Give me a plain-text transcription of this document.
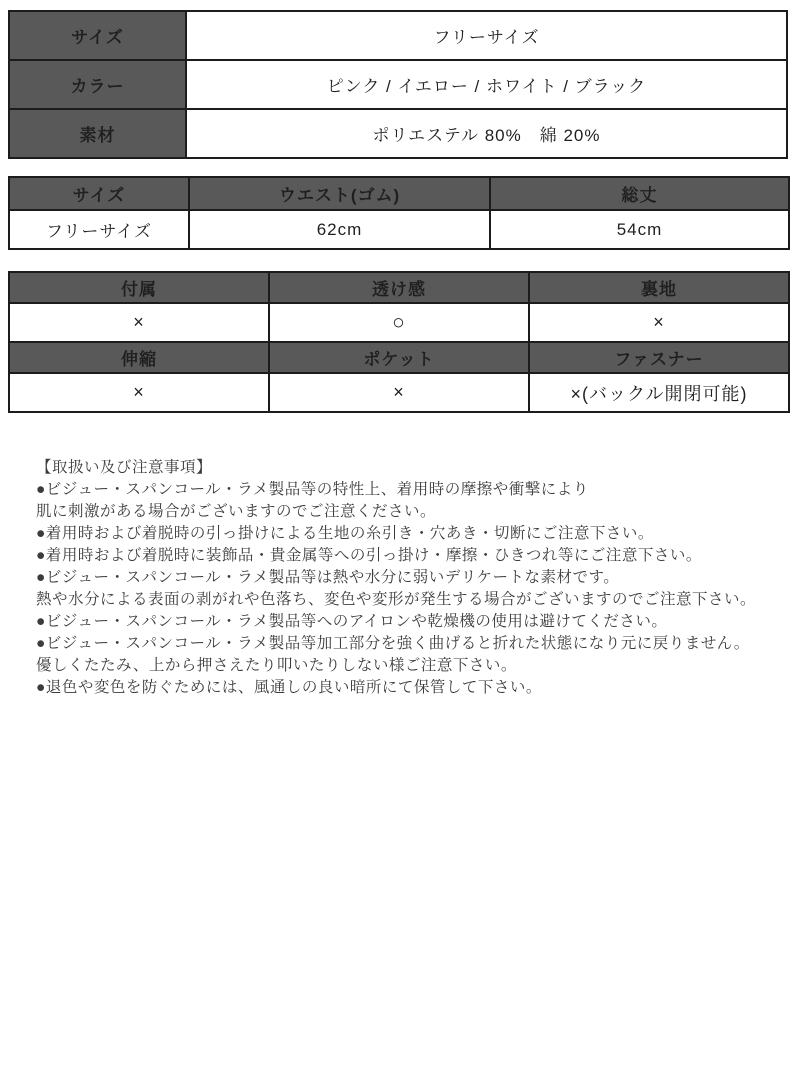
サイズ	フリーサイズ
カラー	ピンク / イエロー / ホワイト / ブラック
素材	ポリエステル 80%　綿 20%
サイズ	ウエスト(ゴム)	総丈
フリーサイズ	62cm	54cm
付属	透け感	裏地
×	○	×
伸縮	ポケット	ファスナー
×	×	×(バックル開閉可能)
【取扱い及び注意事項】
●ビジュー・スパンコール・ラメ製品等の特性上、着用時の摩擦や衝撃により
肌に刺激がある場合がございますのでご注意ください。
●着用時および着脱時の引っ掛けによる生地の糸引き・穴あき・切断にご注意下さい。
●着用時および着脱時に装飾品・貴金属等への引っ掛け・摩擦・ひきつれ等にご注意下さい。
●ビジュー・スパンコール・ラメ製品等は熱や水分に弱いデリケートな素材です。
熱や水分による表面の剥がれや色落ち、変色や変形が発生する場合がございますのでご注意下さい。
●ビジュー・スパンコール・ラメ製品等へのアイロンや乾燥機の使用は避けてください。
●ビジュー・スパンコール・ラメ製品等加工部分を強く曲げると折れた状態になり元に戻りません。
優しくたたみ、上から押さえたり叩いたりしない様ご注意下さい。
●退色や変色を防ぐためには、風通しの良い暗所にて保管して下さい。
